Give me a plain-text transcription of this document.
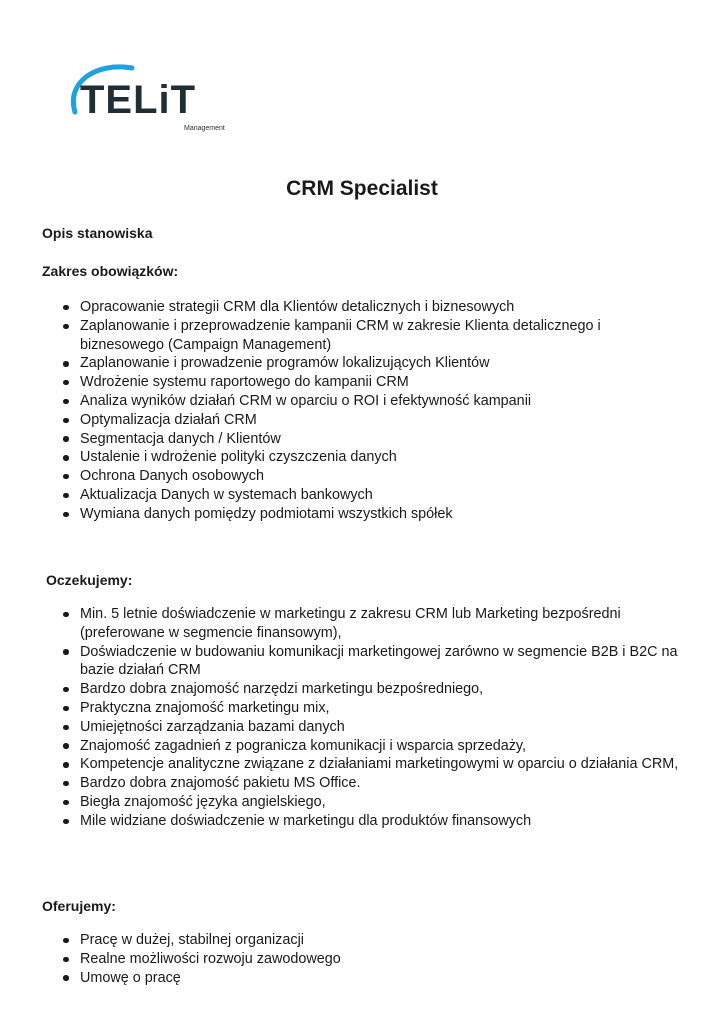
TELiT
Management
CRM Specialist

Opis stanowiska

Zakres obowiązków:

Opracowanie strategii CRM dla Klientów detalicznych i biznesowych
Zaplanowanie i przeprowadzenie kampanii CRM w zakresie Klienta detalicznego i biznesowego (Campaign Management)
Zaplanowanie i prowadzenie programów lokalizujących Klientów
Wdrożenie systemu raportowego do kampanii CRM
Analiza wyników działań CRM w oparciu o ROI i efektywność kampanii
Optymalizacja działań CRM
Segmentacja danych / Klientów
Ustalenie i wdrożenie polityki czyszczenia danych
Ochrona Danych osobowych
Aktualizacja Danych w systemach bankowych
Wymiana danych pomiędzy podmiotami wszystkich spółek

Oczekujemy:

Min. 5 letnie doświadczenie w marketingu z zakresu CRM lub Marketing bezpośredni (preferowane w segmencie finansowym),
Doświadczenie w budowaniu komunikacji marketingowej zarówno w segmencie B2B i B2C na bazie działań CRM
Bardzo dobra znajomość narzędzi marketingu bezpośredniego,
Praktyczna znajomość marketingu mix,
Umiejętności zarządzania bazami danych
Znajomość zagadnień z pogranicza komunikacji i wsparcia sprzedaży,
Kompetencje analityczne związane z działaniami marketingowymi w oparciu o działania CRM,
Bardzo dobra znajomość pakietu MS Office.
Biegła znajomość języka angielskiego,
Mile widziane doświadczenie w marketingu dla produktów finansowych

Oferujemy:

Pracę w dużej, stabilnej organizacji
Realne możliwości rozwoju zawodowego
Umowę o pracę
